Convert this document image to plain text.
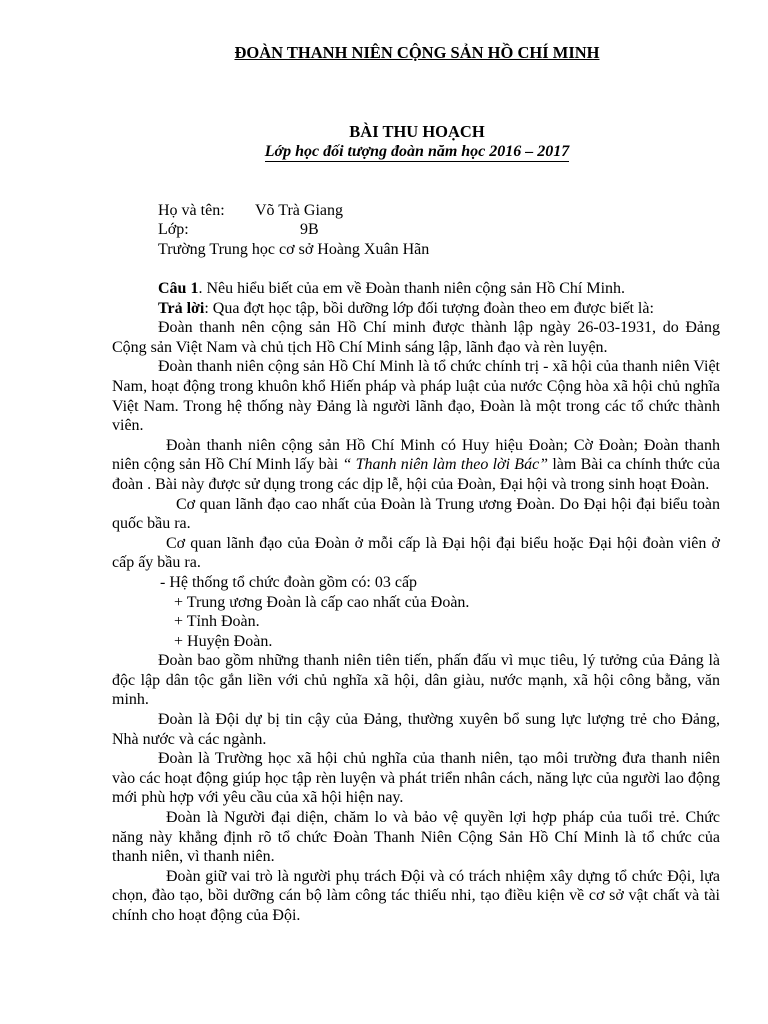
ĐOÀN THANH NIÊN CỘNG SẢN HỒ CHÍ MINH
BÀI THU HOẠCH
Lớp học đối tượng đoàn năm học 2016 – 2017
Họ và tên: Võ Trà Giang
Lớp:	9B
Trường Trung học cơ sở Hoàng Xuân Hãn

Câu 1. Nêu hiểu biết của em về Đoàn thanh niên cộng sản Hồ Chí Minh.

Trả lời: Qua đợt học tập, bồi dưỡng lớp đối tượng đoàn theo em được biết là:

Đoàn thanh nên cộng sản Hồ Chí minh được thành lập ngày 26-03-1931, do Đảng Cộng sản Việt Nam và chủ tịch Hồ Chí Minh sáng lập, lãnh đạo và rèn luyện.

Đoàn thanh niên cộng sản Hồ Chí Minh là tổ chức chính trị - xã hội của thanh niên Việt Nam, hoạt động trong khuôn khổ Hiến pháp và pháp luật của nước Cộng hòa xã hội chủ nghĩa Việt Nam. Trong hệ thống này Đảng là người lãnh đạo, Đoàn là một trong các tổ chức thành viên.

Đoàn thanh niên cộng sản Hồ Chí Minh có Huy hiệu Đoàn; Cờ Đoàn; Đoàn thanh niên cộng sản Hồ Chí Minh lấy bài “ Thanh niên làm theo lời Bác” làm Bài ca chính thức của đoàn . Bài này được sử dụng trong các dịp lễ, hội của Đoàn, Đại hội và trong sinh hoạt Đoàn.

Cơ quan lãnh đạo cao nhất của Đoàn là Trung ương Đoàn. Do Đại hội đại biểu toàn quốc bầu ra.

Cơ quan lãnh đạo của Đoàn ở mỗi cấp là Đại hội đại biểu hoặc Đại hội đoàn viên ở cấp ấy bầu ra.

- Hệ thống tổ chức đoàn gồm có: 03 cấp

+ Trung ương Đoàn là cấp cao nhất của Đoàn.

+ Tỉnh Đoàn.

+ Huyện Đoàn.

Đoàn bao gồm những thanh niên tiên tiến, phấn đấu vì mục tiêu, lý tưởng của Đảng là độc lập dân tộc gắn liền với chủ nghĩa xã hội, dân giàu, nước mạnh, xã hội công bằng, văn minh.

Đoàn là Đội dự bị tin cậy của Đảng, thường xuyên bổ sung lực lượng trẻ cho Đảng, Nhà nước và các ngành.

Đoàn là Trường học xã hội chủ nghĩa của thanh niên, tạo môi trường đưa thanh niên vào các hoạt động giúp học tập rèn luyện và phát triển nhân cách, năng lực của người lao động mới phù hợp với yêu cầu của xã hội hiện nay.

Đoàn là Người đại diện, chăm lo và bảo vệ quyền lợi hợp pháp của tuổi trẻ. Chức năng này khẳng định rõ tổ chức Đoàn Thanh Niên Cộng Sản Hồ Chí Minh là tổ chức của thanh niên, vì thanh niên.

Đoàn giữ vai trò là người phụ trách Đội và có trách nhiệm xây dựng tổ chức Đội, lựa chọn, đào tạo, bồi dưỡng cán bộ làm công tác thiếu nhi, tạo điều kiện về cơ sở vật chất và tài chính cho hoạt động của Đội.
